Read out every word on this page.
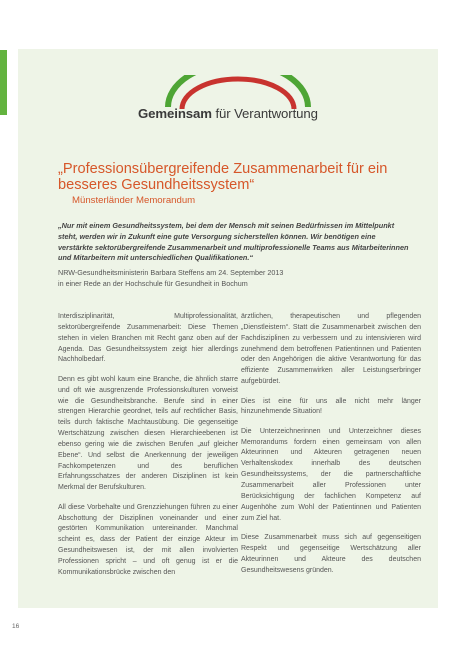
Gemeinsam für Verantwortung
„Professionsübergreifende Zusammenarbeit für ein besseres Gesundheitssystem“
Münsterländer Memorandum
„Nur mit einem Gesundheitssystem, bei dem der Mensch mit seinen Bedürfnissen im Mittelpunkt steht, werden wir in Zukunft eine gute Versorgung sicherstellen können. Wir benötigen eine verstärkte sektorübergreifende Zusammenarbeit und multiprofessionelle Teams aus Mitarbeiterinnen und Mitarbeitern mit unterschiedlichen Qualifikationen.“
NRW-Gesundheitsministerin Barbara Steffens am 24. September 2013
in einer Rede an der Hochschule für Gesundheit in Bochum

Interdisziplinarität, Multiprofessionalität, sektorübergreifende Zusammenarbeit: Diese Themen stehen in vielen Branchen mit Recht ganz oben auf der Agenda. Das Gesundheitssystem zeigt hier allerdings Nachholbedarf.

Denn es gibt wohl kaum eine Branche, die ähnlich starre und oft wie ausgrenzende Professionskulturen vorweist wie die Gesundheitsbranche. Berufe sind in einer strengen Hierarchie geordnet, teils auf rechtlicher Basis, teils durch faktische Machtausübung. Die gegenseitige Wertschätzung zwischen diesen Hierarchieebenen ist ebenso gering wie die zwischen Berufen „auf gleicher Ebene“. Und selbst die Anerkennung der jeweiligen Fachkompetenzen und des beruflichen Erfahrungsschatzes der anderen Disziplinen ist kein Merkmal der Berufskulturen.

All diese Vorbehalte und Grenzziehungen führen zu einer Abschottung der Disziplinen voneinander und einer gestörten Kommunikation untereinander. Manchmal scheint es, dass der Patient der einzige Akteur im Gesundheitswesen ist, der mit allen involvierten Professionen spricht – und oft genug ist er die Kommunikationsbrücke zwischen den

ärztlichen, therapeutischen und pflegenden „Dienstleistern“. Statt die Zusammenarbeit zwischen den Fachdisziplinen zu verbessern und zu intensivieren wird zunehmend dem betroffenen Patientinnen und Patienten oder den Angehörigen die aktive Verantwortung für das effiziente Zusammenwirken aller Leistungserbringer aufgebürdet.

Dies ist eine für uns alle nicht mehr länger hinzunehmende Situation!

Die Unterzeichnerinnen und Unterzeichner dieses Memorandums fordern einen gemeinsam von allen Akteurinnen und Akteuren getragenen neuen Verhaltenskodex innerhalb des deutschen Gesundheitssystems, der die partnerschaftliche Zusammenarbeit aller Professionen unter Berücksichtigung der fachlichen Kompetenz auf Augenhöhe zum Wohl der Patientinnen und Patienten zum Ziel hat.

Diese Zusammenarbeit muss sich auf gegenseitigen Respekt und gegenseitige Wertschätzung aller Akteurinnen und Akteure des deutschen Gesundheitswesens gründen.

16
